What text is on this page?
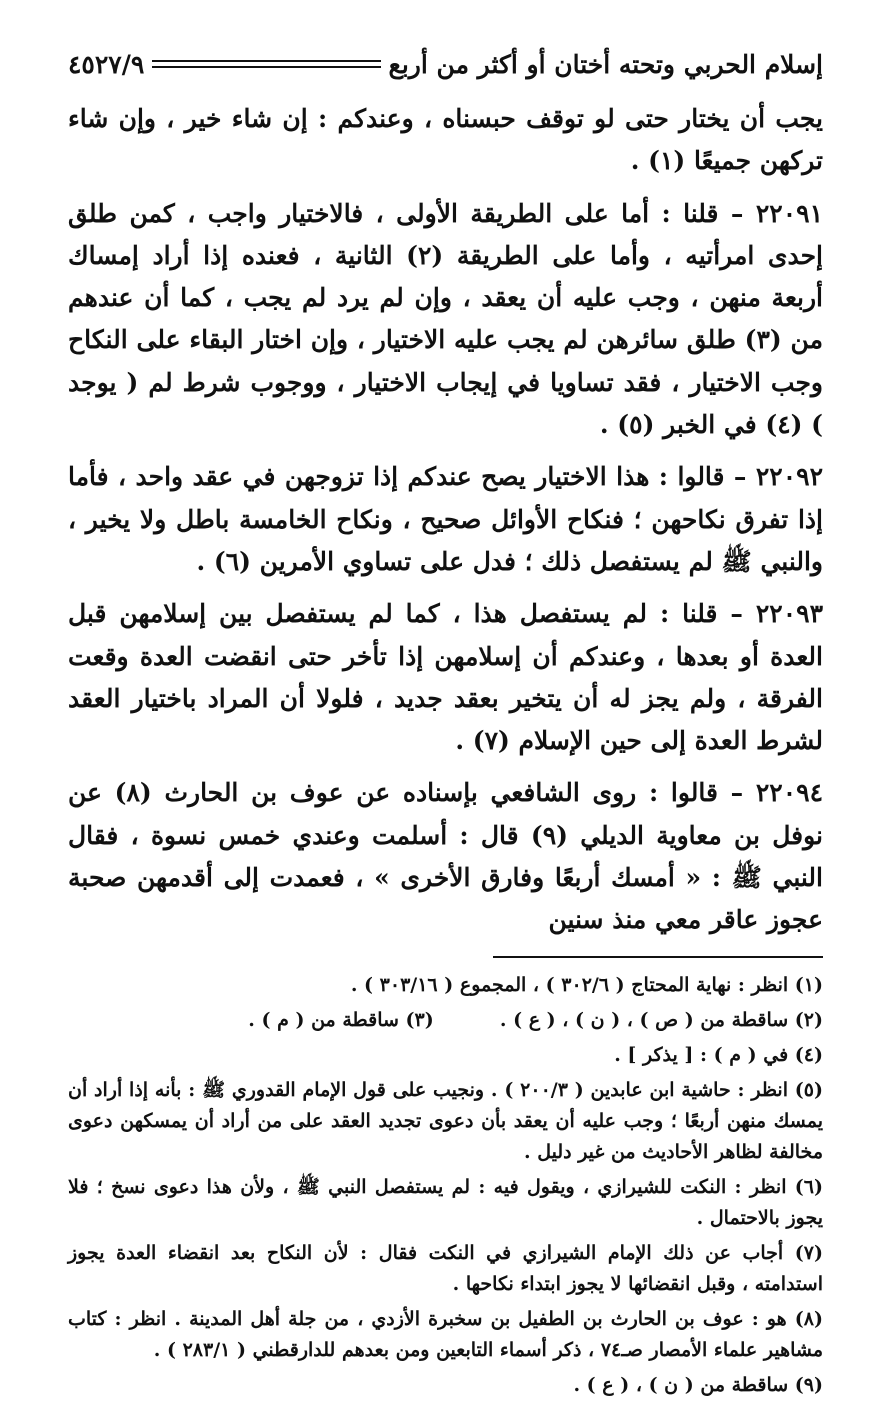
إسلام الحربي وتحته أختان أو أكثر من أربع
٤٥٢٧/٩

يجب أن يختار حتى لو توقف حبسناه ، وعندكم : إن شاء خير ، وإن شاء تركهن جميعًا (١) .

٢٢٠٩١ – قلنا : أما على الطريقة الأولى ، فالاختيار واجب ، كمن طلق إحدى امرأتيه ، وأما على الطريقة (٢) الثانية ، فعنده إذا أراد إمساك أربعة منهن ، وجب عليه أن يعقد ، وإن لم يرد لم يجب ، كما أن عندهم من (٣) طلق سائرهن لم يجب عليه الاختيار ، وإن اختار البقاء على النكاح وجب الاختيار ، فقد تساويا في إيجاب الاختيار ، ووجوب شرط لم ( يوجد ) (٤) في الخبر (٥) .

٢٢٠٩٢ – قالوا : هذا الاختيار يصح عندكم إذا تزوجهن في عقد واحد ، فأما إذا تفرق نكاحهن ؛ فنكاح الأوائل صحيح ، ونكاح الخامسة باطل ولا يخير ، والنبي ﷺ لم يستفصل ذلك ؛ فدل على تساوي الأمرين (٦) .

٢٢٠٩٣ – قلنا : لم يستفصل هذا ، كما لم يستفصل بين إسلامهن قبل العدة أو بعدها ، وعندكم أن إسلامهن إذا تأخر حتى انقضت العدة وقعت الفرقة ، ولم يجز له أن يتخير بعقد جديد ، فلولا أن المراد باختيار العقد لشرط العدة إلى حين الإسلام (٧) .

٢٢٠٩٤ – قالوا : روى الشافعي بإسناده عن عوف بن الحارث (٨) عن نوفل بن معاوية الديلي (٩) قال : أسلمت وعندي خمس نسوة ، فقال النبي ﷺ : « أمسك أربعًا وفارق الأخرى » ، فعمدت إلى أقدمهن صحبة عجوز عاقر معي منذ سنين

(١) انظر : نهاية المحتاج ( ٣٠٢/٦ ) ، المجموع ( ٣٠٣/١٦ ) .

(٢) ساقطة من ( ص ) ، ( ن ) ، ( ع ) .          (٣) ساقطة من ( م ) .

(٤) في ( م ) : [ يذكر ] .

(٥) انظر : حاشية ابن عابدين ( ٢٠٠/٣ ) . ونجيب على قول الإمام القدوري ﷺ : بأنه إذا أراد أن يمسك منهن أربعًا ؛ وجب عليه أن يعقد بأن دعوى تجديد العقد على من أراد أن يمسكهن دعوى مخالفة لظاهر الأحاديث من غير دليل .

(٦) انظر : النكت للشيرازي ، ويقول فيه : لم يستفصل النبي ﷺ ، ولأن هذا دعوى نسخ ؛ فلا يجوز بالاحتمال .

(٧) أجاب عن ذلك الإمام الشيرازي في النكت فقال : لأن النكاح بعد انقضاء العدة يجوز استدامته ، وقبل انقضائها لا يجوز ابتداء نكاحها .

(٨) هو : عوف بن الحارث بن الطفيل بن سخبرة الأزدي ، من جلة أهل المدينة . انظر : كتاب مشاهير علماء الأمصار صـ٧٤ ، ذكر أسماء التابعين ومن بعدهم للدارقطني ( ٢٨٣/١ ) .

(٩) ساقطة من ( ن ) ، ( ع ) .
